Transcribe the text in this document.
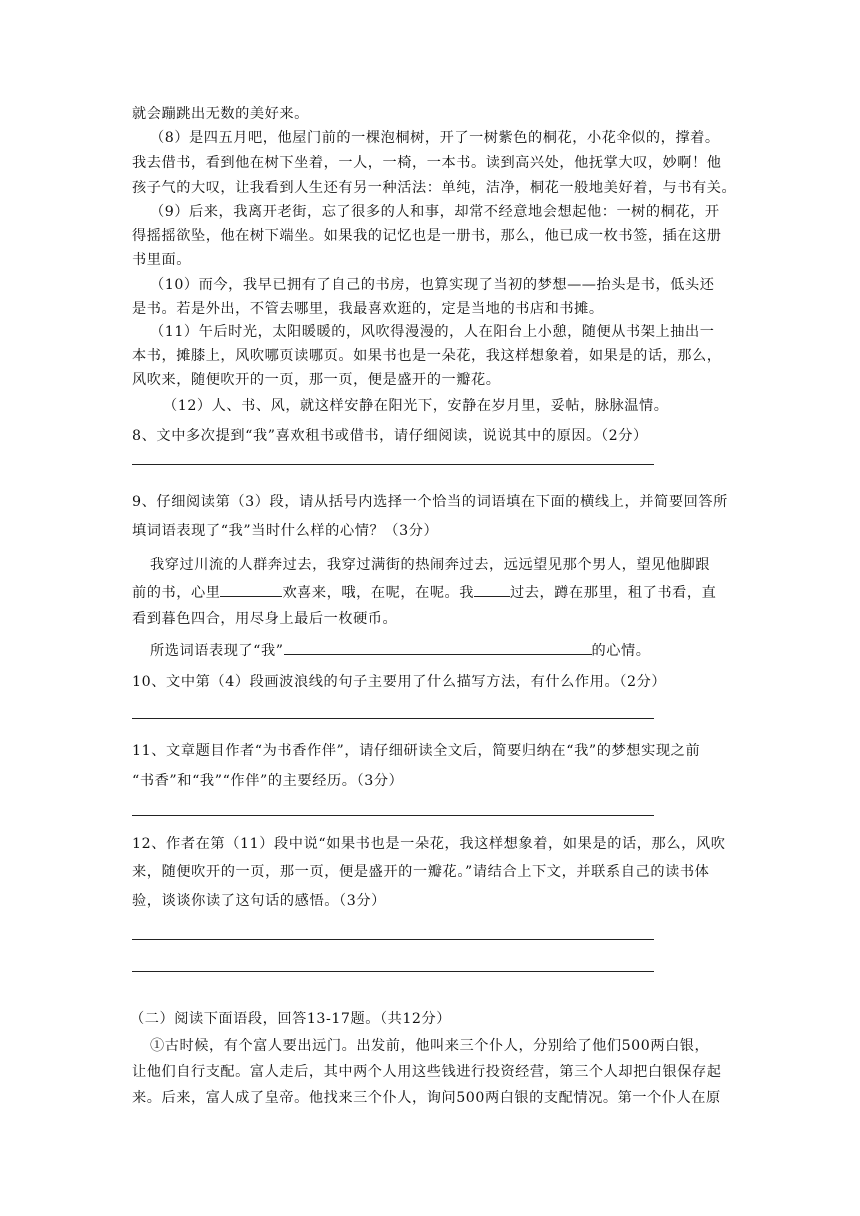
就会蹦跳出无数的美好来。
（8）是四五月吧，他屋门前的一棵泡桐树，开了一树紫色的桐花，小花伞似的，撑着。
我去借书，看到他在树下坐着，一人，一椅，一本书。读到高兴处，他抚掌大叹，妙啊！他
孩子气的大叹，让我看到人生还有另一种活法：单纯，洁净，桐花一般地美好着，与书有关。
（9）后来，我离开老街，忘了很多的人和事，却常不经意地会想起他：一树的桐花，开
得摇摇欲坠，他在树下端坐。如果我的记忆也是一册书，那么，他已成一枚书签，插在这册
书里面。
（10）而今，我早已拥有了自己的书房，也算实现了当初的梦想——抬头是书，低头还
是书。若是外出，不管去哪里，我最喜欢逛的，定是当地的书店和书摊。
（11）午后时光，太阳暖暖的，风吹得漫漫的，人在阳台上小憩，随便从书架上抽出一
本书，摊膝上，风吹哪页读哪页。如果书也是一朵花，我这样想象着，如果是的话，那么，
风吹来，随便吹开的一页，那一页，便是盛开的一瓣花。
（12）人、书、风，就这样安静在阳光下，安静在岁月里，妥帖，脉脉温情。
8、文中多次提到“我”喜欢租书或借书，请仔细阅读，说说其中的原因。（2分）
9、仔细阅读第（3）段，请从括号内选择一个恰当的词语填在下面的横线上，并简要回答所
填词语表现了“我”当时什么样的心情？（3分）
我穿过川流的人群奔过去，我穿过满街的热闹奔过去，远远望见那个男人，望见他脚跟
前的书，心里	欢喜来，哦，在呢，在呢。我	过去，蹲在那里，租了书看，直
看到暮色四合，用尽身上最后一枚硬币。
所选词语表现了“我”	的心情。
10、文中第（4）段画波浪线的句子主要用了什么描写方法，有什么作用。（2分）
11、文章题目作者“为书香作伴”，请仔细研读全文后，简要归纳在“我”的梦想实现之前
“书香”和“我”“作伴”的主要经历。（3分）
12、作者在第（11）段中说“如果书也是一朵花，我这样想象着，如果是的话，那么，风吹
来，随便吹开的一页，那一页，便是盛开的一瓣花。”请结合上下文，并联系自己的读书体
验，谈谈你读了这句话的感悟。（3分）
（二）阅读下面语段，回答13-17题。（共12分）
①古时候，有个富人要出远门。出发前，他叫来三个仆人，分别给了他们500两白银，
让他们自行支配。富人走后，其中两个人用这些钱进行投资经营，第三个人却把白银保存起
来。后来，富人成了皇帝。他找来三个仆人，询问500两白银的支配情况。第一个仆人在原
